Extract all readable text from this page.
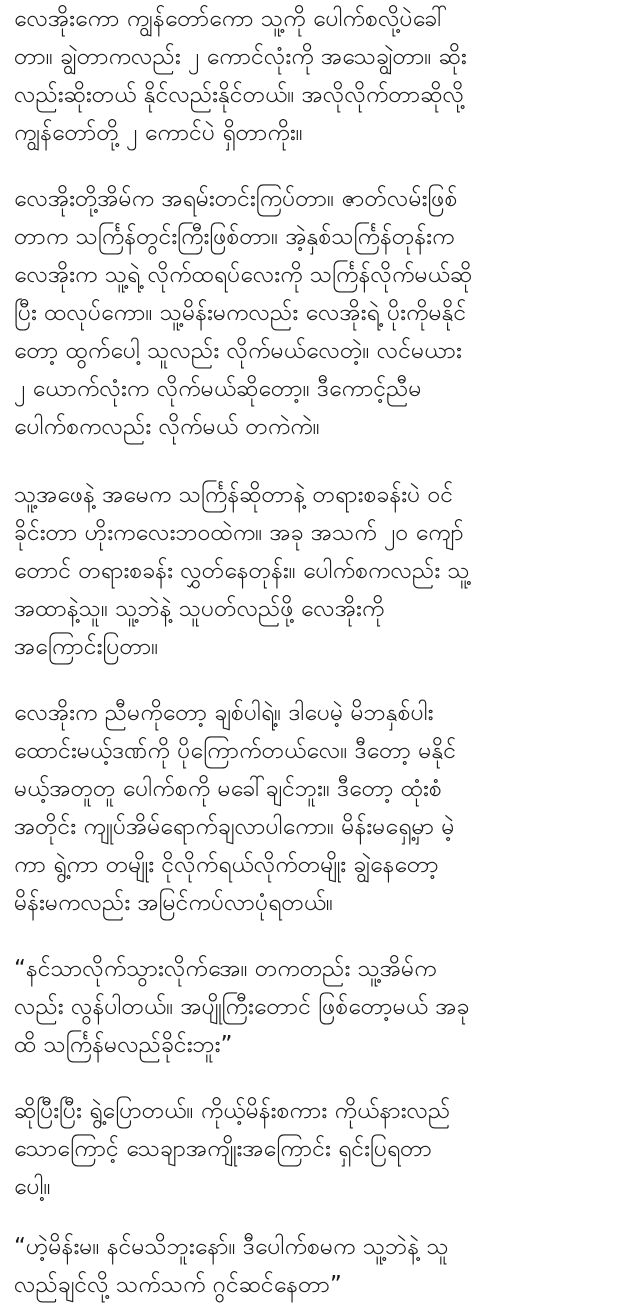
လေအိုးကော ကျွန်တော်ကော သူ့ကို ပေါက်စလို့ပဲခေါ်
တာ။ ချွဲတာကလည်း ၂ ကောင်လုံးကို အသေချွဲတာ။ ဆိုး
လည်းဆိုးတယ် နိုင်လည်းနိုင်တယ်။ အလိုလိုက်တာဆိုလို့
ကျွန်တော်တို့ ၂ ကောင်ပဲ ရှိတာကိုး။

လေအိုးတို့အိမ်က အရမ်းတင်းကြပ်တာ။ ဇာတ်လမ်းဖြစ်
တာက သင်္ကြန်တွင်းကြီးဖြစ်တာ။ အဲ့နှစ်သင်္ကြန်တုန်းက
လေအိုးက သူ့ရဲ့ လိုက်ထရပ်လေးကို သင်္ကြန်လိုက်မယ်ဆို
ပြီး ထလုပ်ကော။ သူ့မိန်းမကလည်း လေအိုးရဲ့ ပိုးကိုမနိုင်
တော့ ထွက်ပေါ့ သူလည်း လိုက်မယ်လေတဲ့။ လင်မယား
၂ ယောက်လုံးက လိုက်မယ်ဆိုတော့။ ဒီကောင့်ညီမ
ပေါက်စကလည်း လိုက်မယ် တကဲကဲ။

သူ့အဖေနဲ့ အမေက သင်္ကြန်ဆိုတာနဲ့ တရားစခန်းပဲ ဝင်
ခိုင်းတာ ဟိုးကလေးဘဝထဲက။ အခု အသက် ၂၀ ကျော်
တောင် တရားစခန်း လွှတ်နေတုန်း။ ပေါက်စကလည်း သူ့
အထာနဲ့သူ။ သူ့ဘဲနဲ့ သူပတ်လည်ဖို့ လေအိုးကို
အကြောင်းပြတာ။

လေအိုးက ညီမကိုတော့ ချစ်ပါရဲ့။ ဒါပေမဲ့ မိဘနှစ်ပါး
ထောင်းမယ့်ဒဏ်ကို ပိုကြောက်တယ်လေ။ ဒီတော့ မနိုင်
မယ့်အတူတူ ပေါက်စကို မခေါ်ချင်ဘူး။ ဒီတော့ ထုံးစံ
အတိုင်း ကျုပ်အိမ်ရောက်ချလာပါကော။ မိန်းမရှေ့မှာ မဲ့
ကာ ရွဲ့ကာ တမျိုး ငိုလိုက်ရယ်လိုက်တမျိုး ချွဲနေတော့
မိန်းမကလည်း အမြင်ကပ်လာပုံရတယ်။

“နင်သာလိုက်သွားလိုက်အေ။ တကတည်း သူ့အိမ်က
လည်း လွန်ပါတယ်။ အပျိုကြီးတောင် ဖြစ်တော့မယ် အခု
ထိ သင်္ကြန်မလည်ခိုင်းဘူး”

ဆိုပြီးပြီး ရွဲ့ပြောတယ်။ ကိုယ့်မိန်းစကား ကိုယ်နားလည်
သောကြောင့် သေချာအကျိုးအကြောင်း ရှင်းပြရတာ
ပေါ့။

“ဟဲ့မိန်းမ။ နင်မသိဘူးနော်။ ဒီပေါက်စမက သူ့ဘဲနဲ့ သူ
လည်ချင်လို့ သက်သက် ဂွင်ဆင်နေတာ”
